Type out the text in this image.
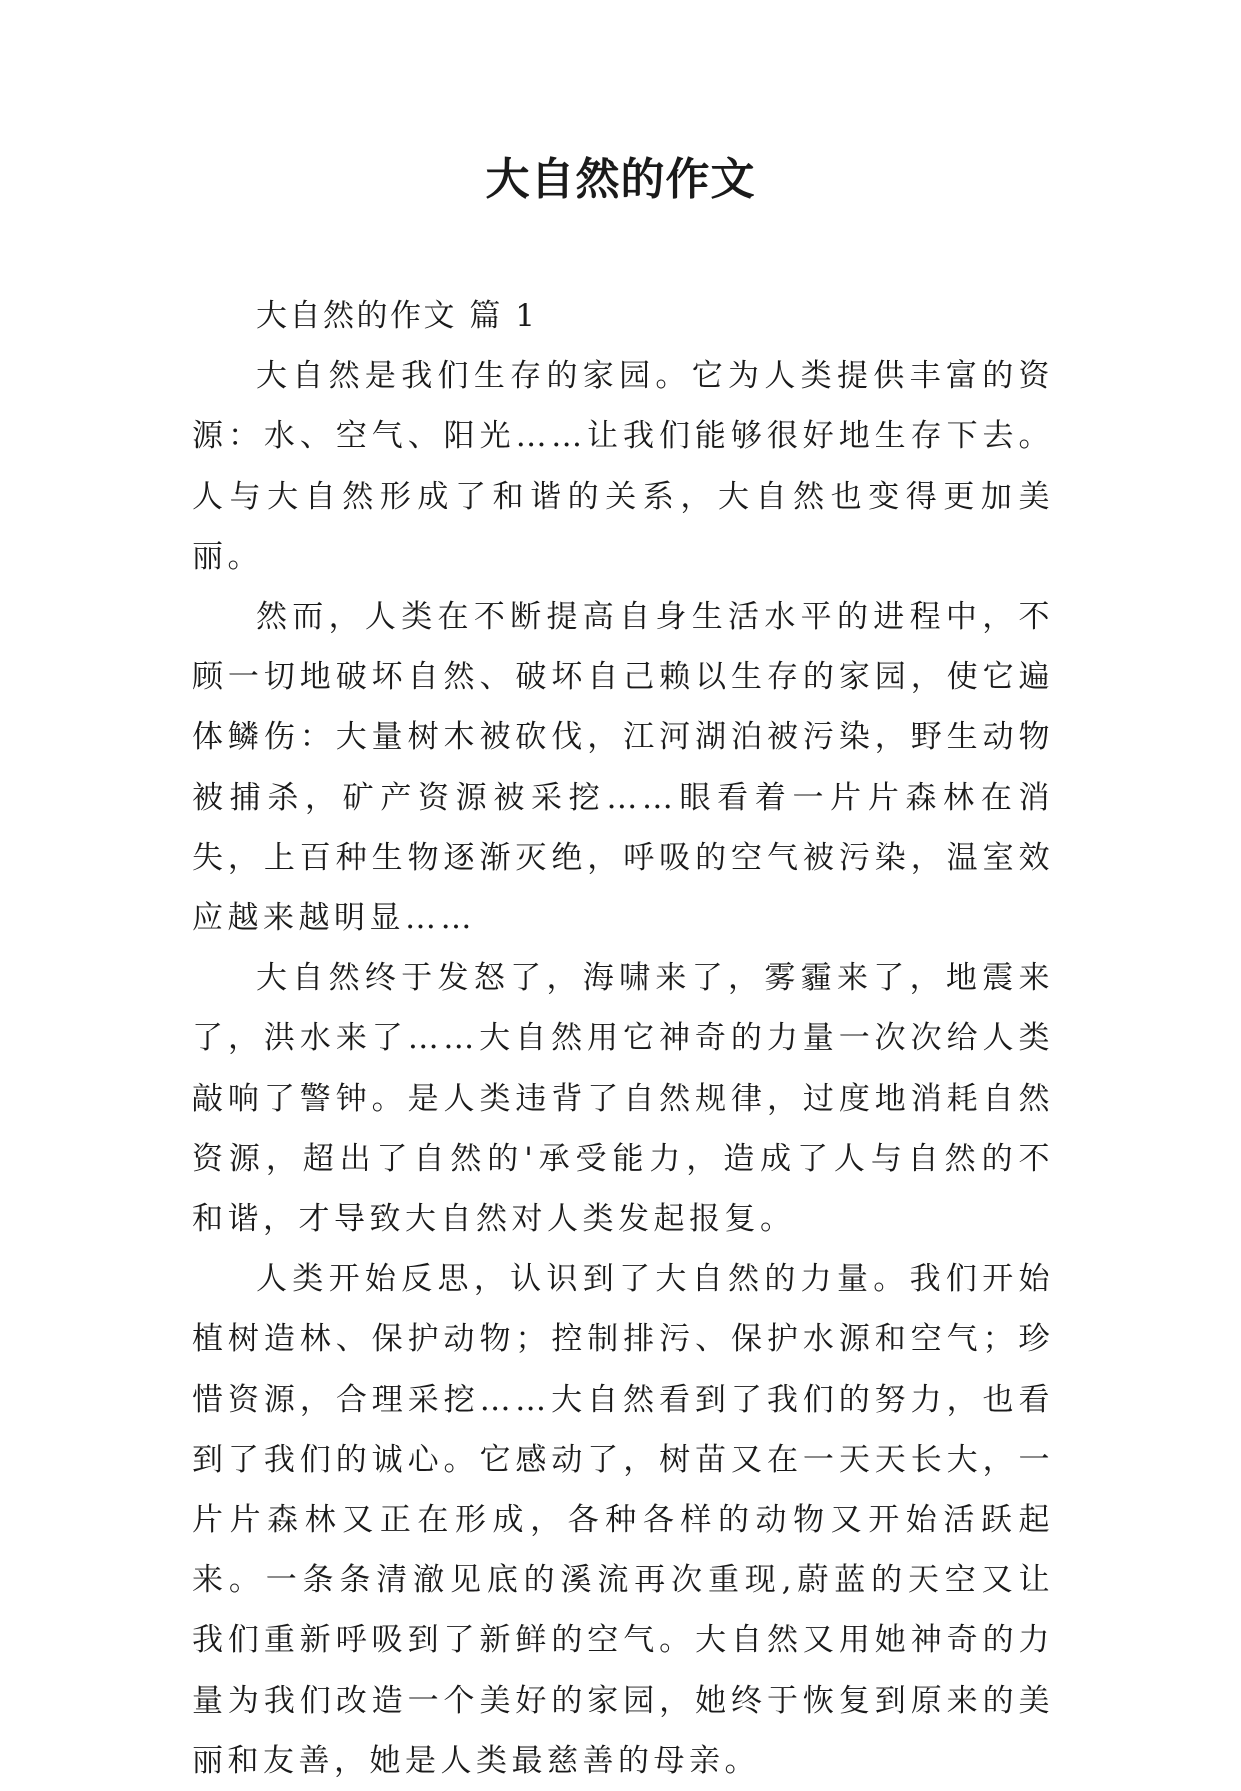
大自然的作文

大自然的作文 篇 1

大自然是我们生存的家园。它为人类提供丰富的资源：水、空气、阳光……让我们能够很好地生存下去。人与大自然形成了和谐的关系，大自然也变得更加美丽。

然而，人类在不断提高自身生活水平的进程中，不顾一切地破坏自然、破坏自己赖以生存的家园，使它遍体鳞伤：大量树木被砍伐，江河湖泊被污染，野生动物被捕杀，矿产资源被采挖……眼看着一片片森林在消失，上百种生物逐渐灭绝，呼吸的空气被污染，温室效应越来越明显……

大自然终于发怒了，海啸来了，雾霾来了，地震来了，洪水来了……大自然用它神奇的力量一次次给人类敲响了警钟。是人类违背了自然规律，过度地消耗自然资源，超出了自然的'承受能力，造成了人与自然的不和谐，才导致大自然对人类发起报复。

人类开始反思，认识到了大自然的力量。我们开始植树造林、保护动物；控制排污、保护水源和空气；珍惜资源，合理采挖……大自然看到了我们的努力，也看到了我们的诚心。它感动了，树苗又在一天天长大，一片片森林又正在形成，各种各样的动物又开始活跃起来。一条条清澈见底的溪流再次重现,蔚蓝的天空又让我们重新呼吸到了新鲜的空气。大自然又用她神奇的力量为我们改造一个美好的家园，她终于恢复到原来的美丽和友善，她是人类最慈善的母亲。
